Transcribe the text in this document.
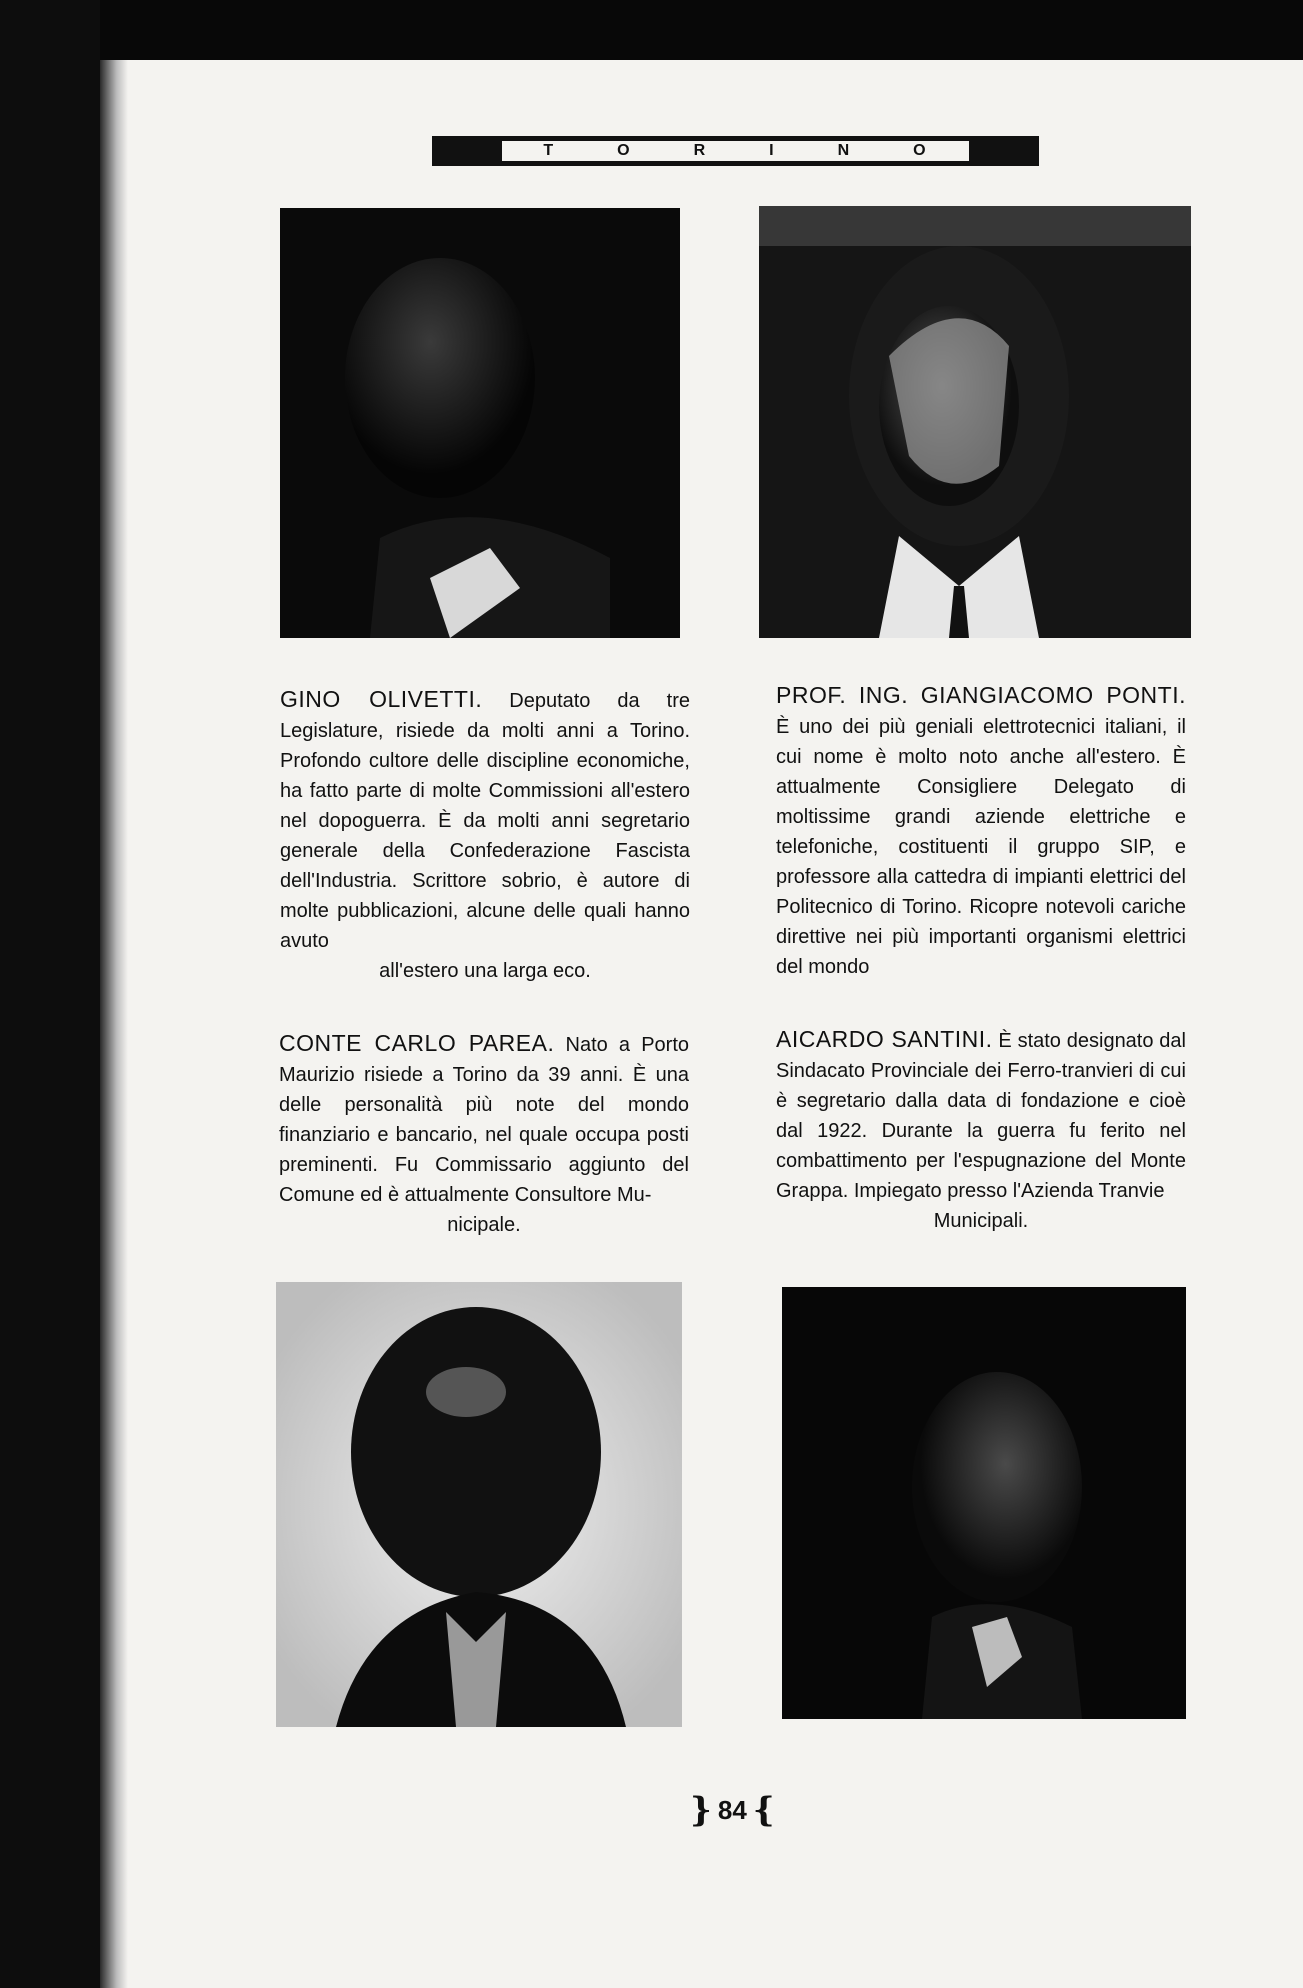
T	O	R	I	N	O
GINO OLIVETTI. Deputato da tre Legislature, risiede da molti anni a Torino. Profondo cultore delle discipline economiche, ha fatto parte di molte Commissioni all'estero nel dopoguerra. È da molti anni segretario generale della Confederazione Fascista dell'Industria. Scrittore sobrio, è autore di molte pubblicazioni, alcune delle quali hanno avuto
all'estero una larga eco.
PROF. ING. GIANGIACOMO PONTI. È uno dei più geniali elettrotecnici italiani, il cui nome è molto noto anche all'estero. È attualmente Consigliere Delegato di moltissime grandi aziende elettriche e telefoniche, costituenti il gruppo SIP, e professore alla cattedra di impianti elettrici del Politecnico di Torino. Ricopre notevoli cariche direttive nei più importanti organismi elettrici del mondo
CONTE CARLO PAREA. Nato a Porto Maurizio risiede a Torino da 39 anni. È una delle personalità più note del mondo finanziario e bancario, nel quale occupa posti preminenti. Fu Commissario aggiunto del Comune ed è attualmente Consultore Mu-
nicipale.
AICARDO SANTINI. È stato designato dal Sindacato Provinciale dei Ferro-tranvieri di cui è segretario dalla data di fondazione e cioè dal 1922. Durante la guerra fu ferito nel combattimento per l'espugnazione del Monte Grappa. Impiegato presso l'Azienda Tranvie
Municipali.
} 84 {
